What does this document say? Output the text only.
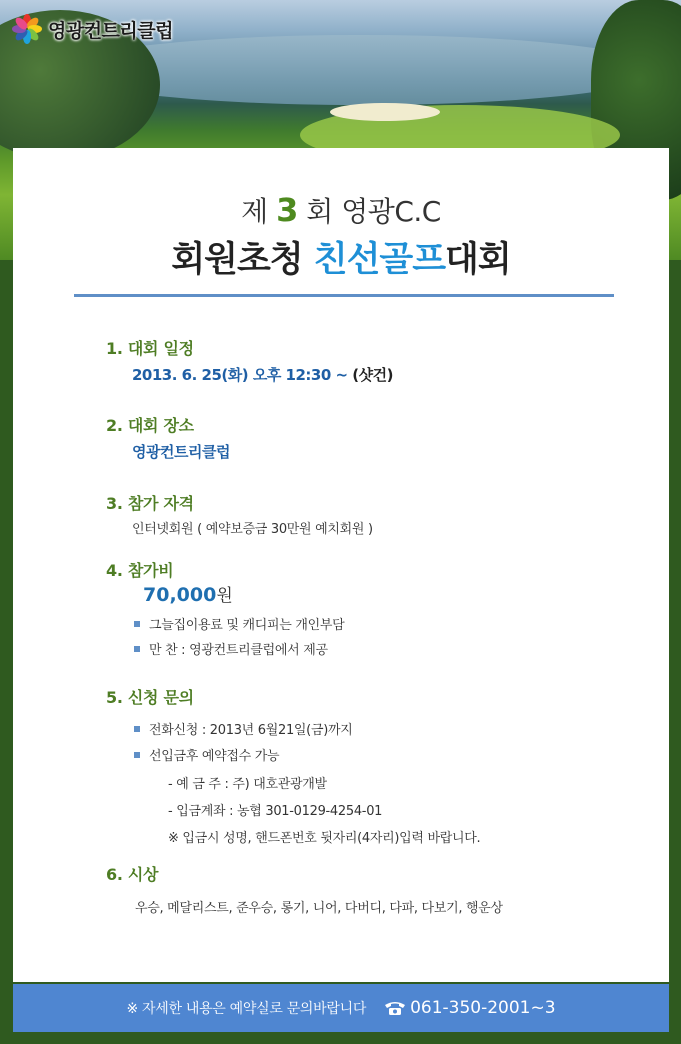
영광컨트리클럽
제 3 회 영광C.C
회원초청 친선골프대회
1. 대회 일정
2013. 6. 25(화) 오후 12:30 ~ (샷건)
2. 대회 장소
영광컨트리클럽
3. 참가 자격
인터넷회원 ( 예약보증금 30만원 예치회원 )
4. 참가비
70,000원
그늘집이용료 및 캐디피는 개인부담
만 찬 : 영광컨트리클럽에서 제공
5. 신청 문의
전화신청 : 2013년 6월21일(금)까지
선입금후 예약접수 가능
- 예 금 주 : 주) 대호관광개발
- 입금계좌 : 농협 301-0129-4254-01
※ 입금시 성명, 핸드폰번호 뒷자리(4자리)입력 바랍니다.
6. 시상
우승, 메달리스트, 준우승, 롱기, 니어, 다버디, 다파, 다보기, 행운상
※ 자세한 내용은 예약실로 문의바랍니다	061-350-2001~3
